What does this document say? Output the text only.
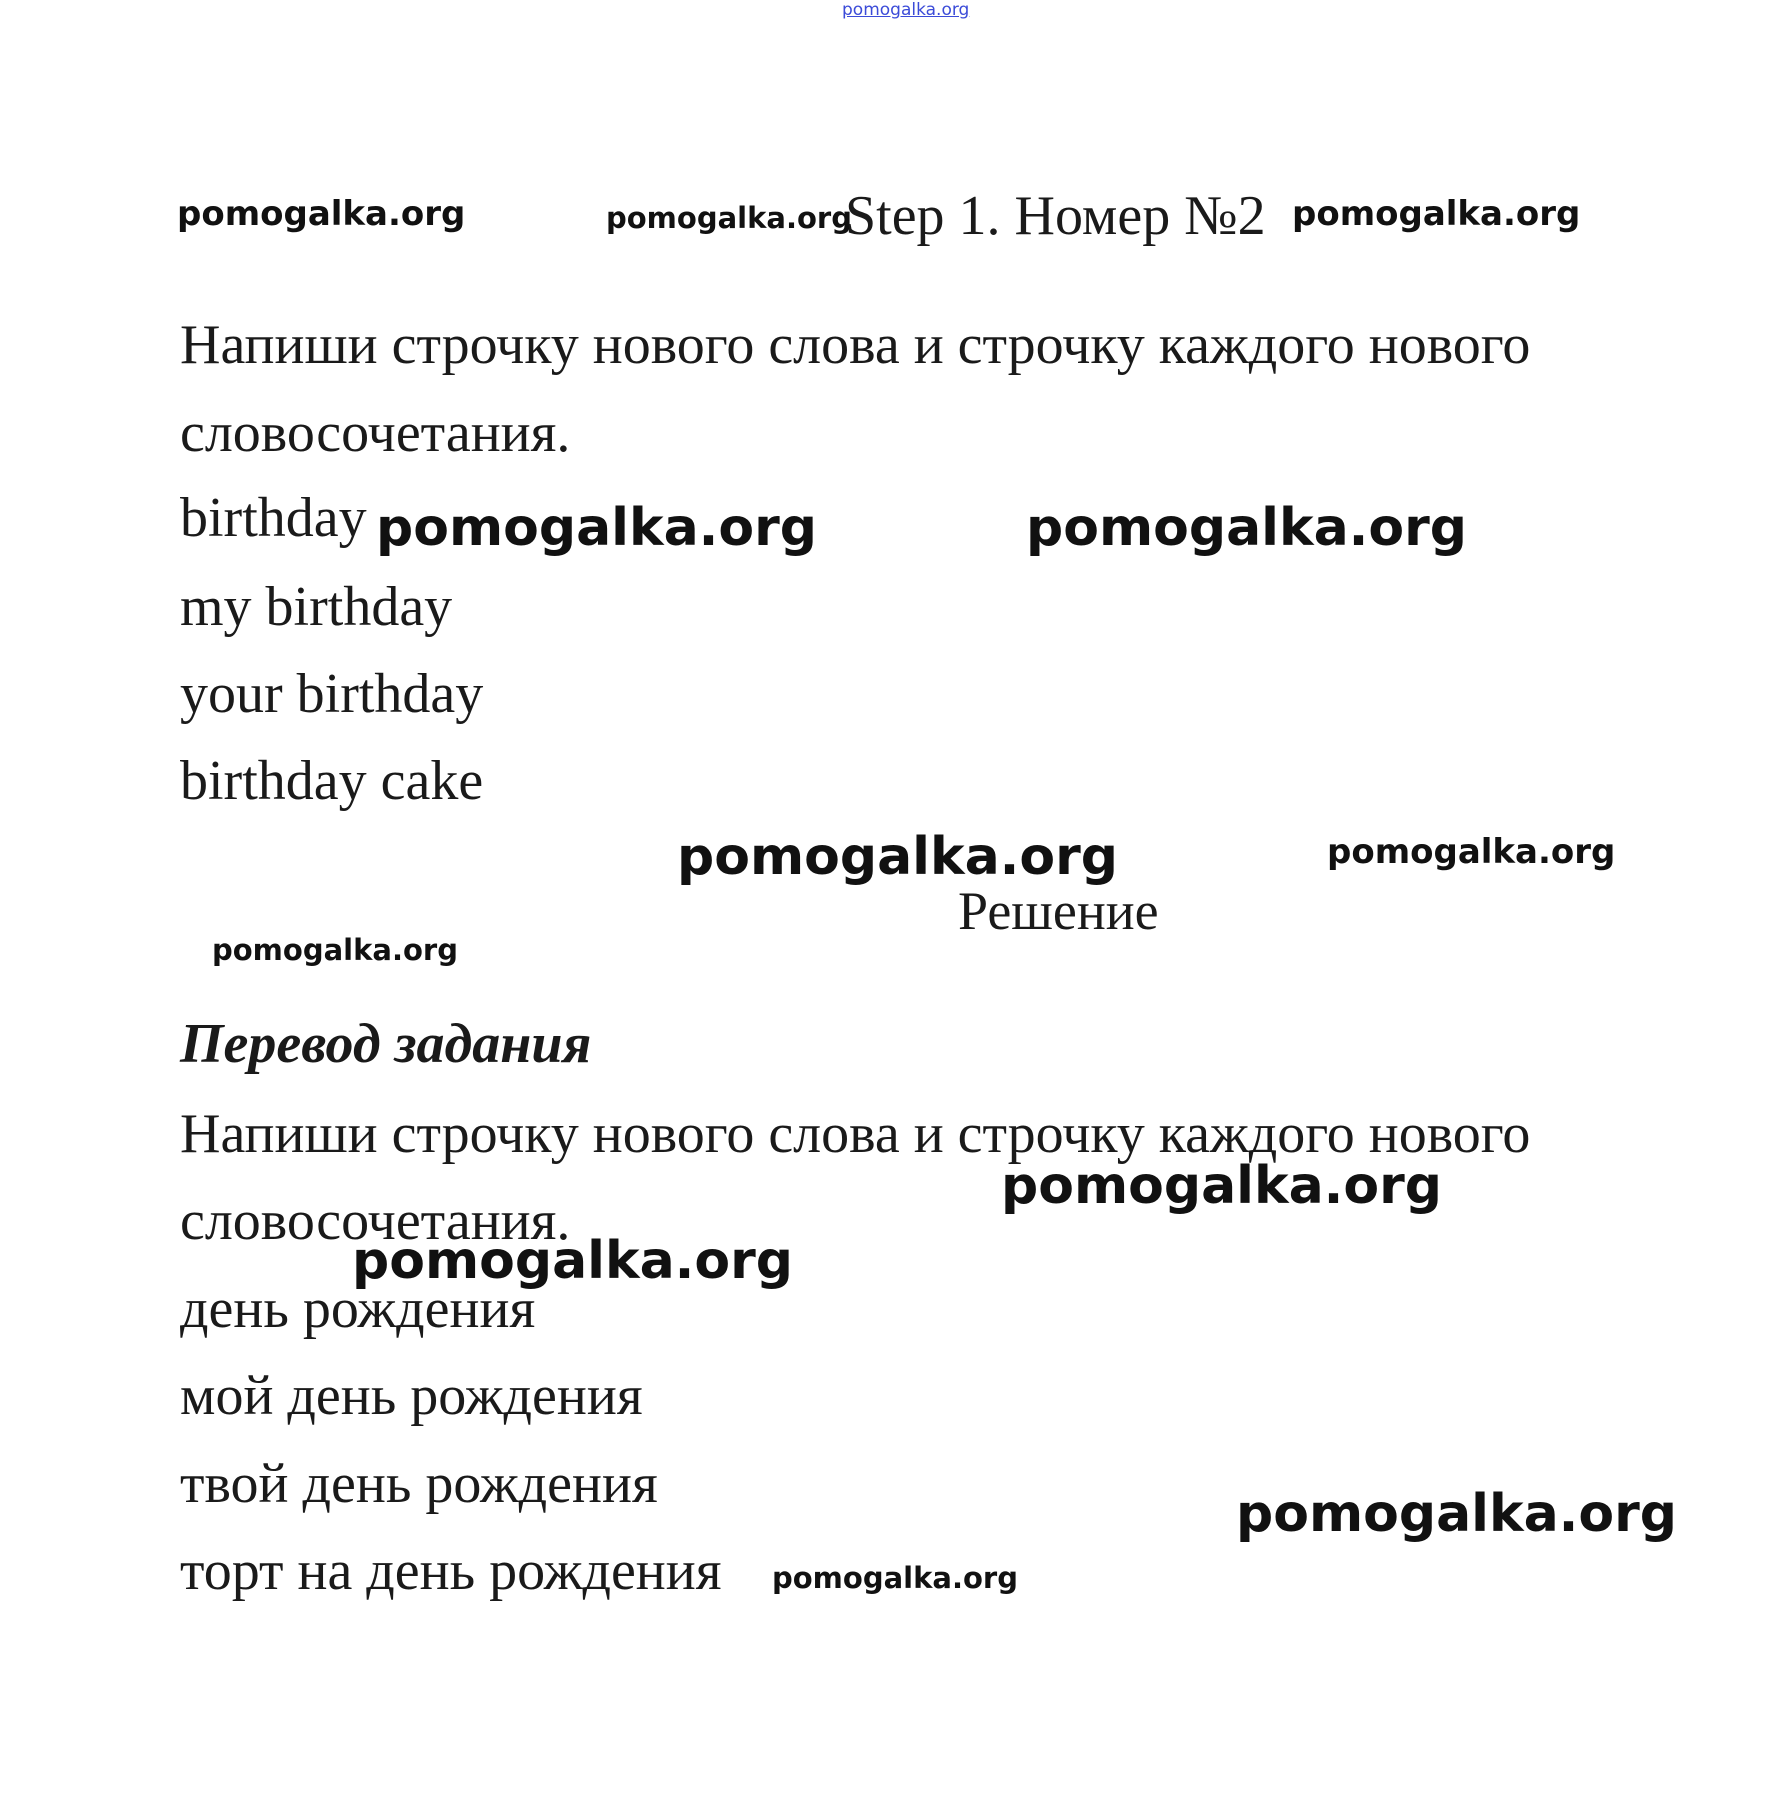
pomogalka.org
pomogalka.org	pomogalka.org
Step 1. Номер №2 pomogalka.org
Напиши строчку нового слова и строчку каждого нового
словосочетания.
birthday pomogalka.org	pomogalka.org
my birthday
your birthday
birthday cake
pomogalka.org	pomogalka.org
Решение
pomogalka.org
Перевод задания
Напиши строчку нового слова и строчку каждого нового
pomogalka.org
словосочетания.
день рождения
pomogalka.org
мой день рождения
твой день рождения	pomogalka.org
торт на день рождения pomogalka.org
